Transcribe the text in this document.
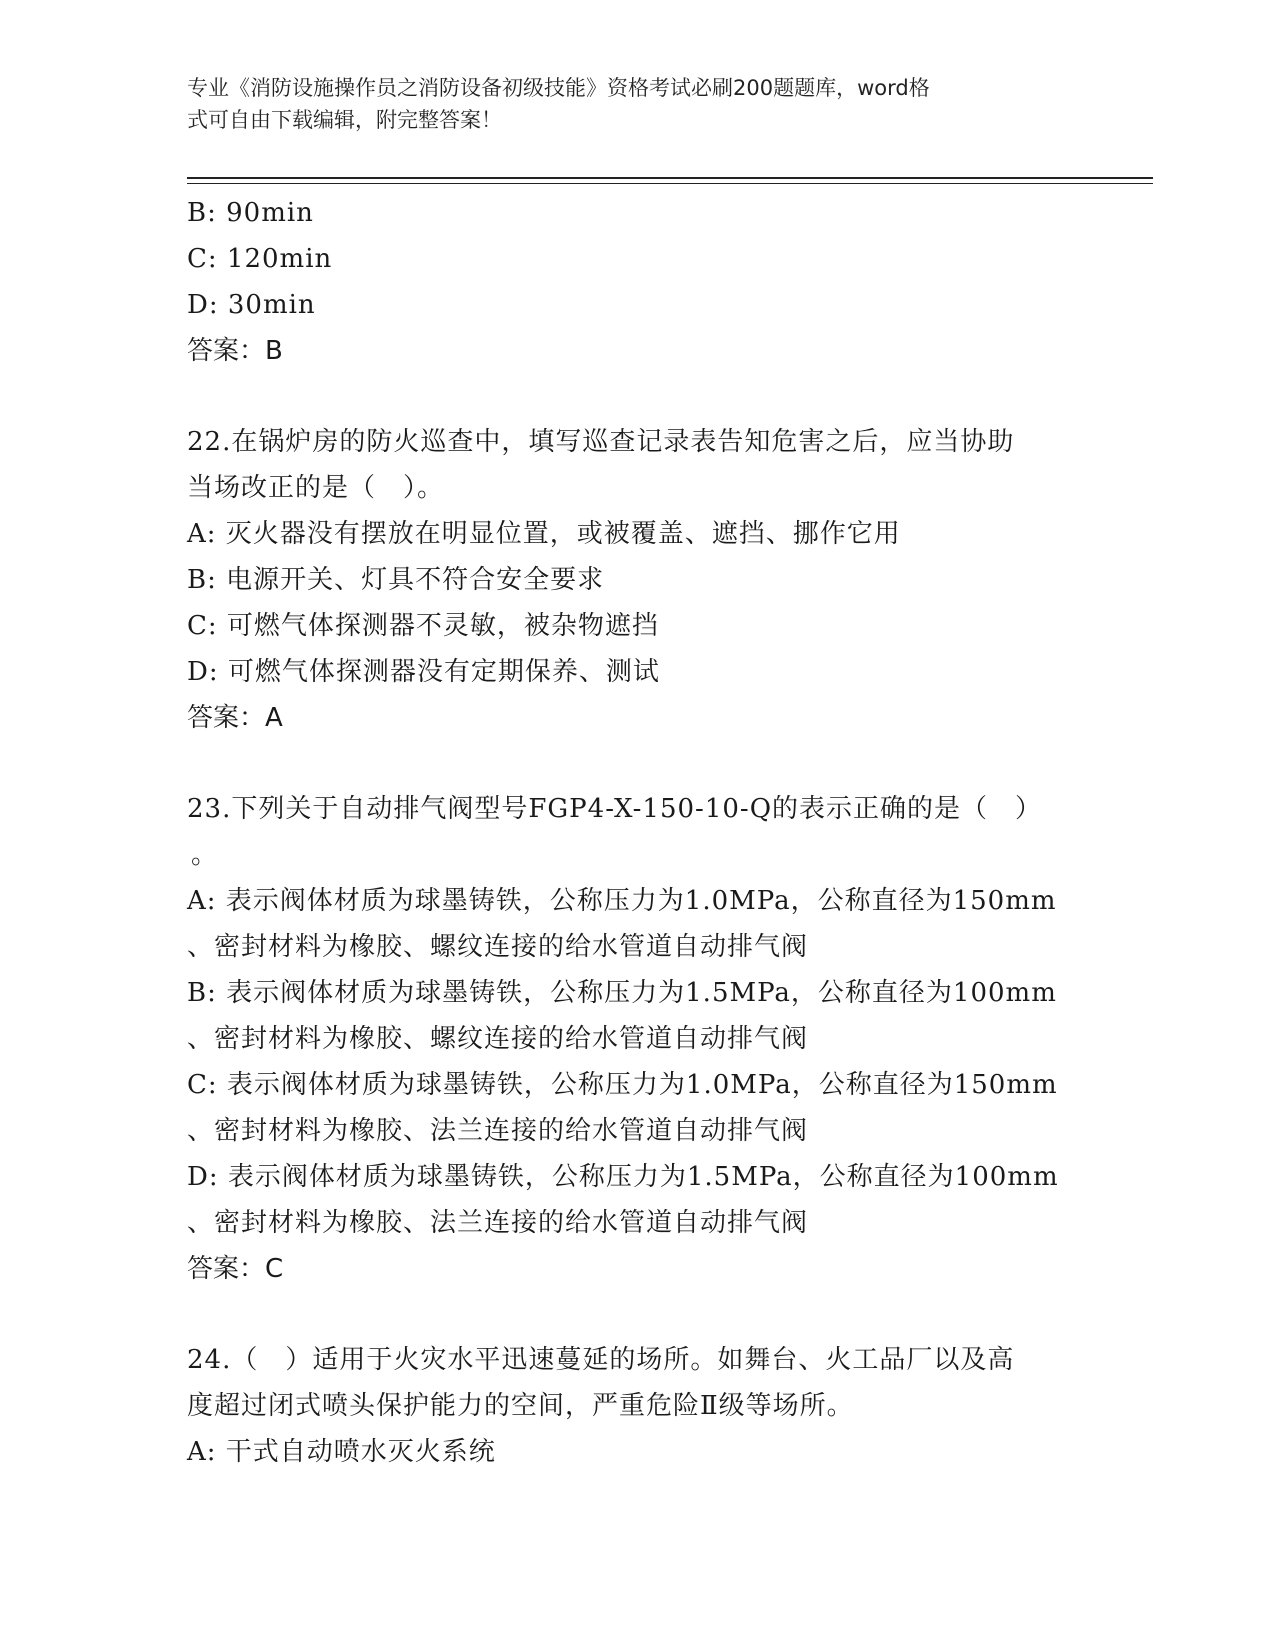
专业《消防设施操作员之消防设备初级技能》资格考试必刷200题题库，word格
式可自由下载编辑，附完整答案！
B: 90min
C: 120min
D: 30min
答案：B
22.在锅炉房的防火巡查中，填写巡查记录表告知危害之后，应当协助
当场改正的是（　）。
A: 灭火器没有摆放在明显位置，或被覆盖、遮挡、挪作它用
B: 电源开关、灯具不符合安全要求
C: 可燃气体探测器不灵敏，被杂物遮挡
D: 可燃气体探测器没有定期保养、测试
答案：A
23.下列关于自动排气阀型号FGP4-X-150-10-Q的表示正确的是（　）
。
A: 表示阀体材质为球墨铸铁，公称压力为1.0MPa，公称直径为150mm
、密封材料为橡胶、螺纹连接的给水管道自动排气阀
B: 表示阀体材质为球墨铸铁，公称压力为1.5MPa，公称直径为100mm
、密封材料为橡胶、螺纹连接的给水管道自动排气阀
C: 表示阀体材质为球墨铸铁，公称压力为1.0MPa，公称直径为150mm
、密封材料为橡胶、法兰连接的给水管道自动排气阀
D: 表示阀体材质为球墨铸铁，公称压力为1.5MPa，公称直径为100mm
、密封材料为橡胶、法兰连接的给水管道自动排气阀
答案：C
24.（　）适用于火灾水平迅速蔓延的场所。如舞台、火工品厂以及高
度超过闭式喷头保护能力的空间，严重危险Ⅱ级等场所。
A: 干式自动喷水灭火系统
